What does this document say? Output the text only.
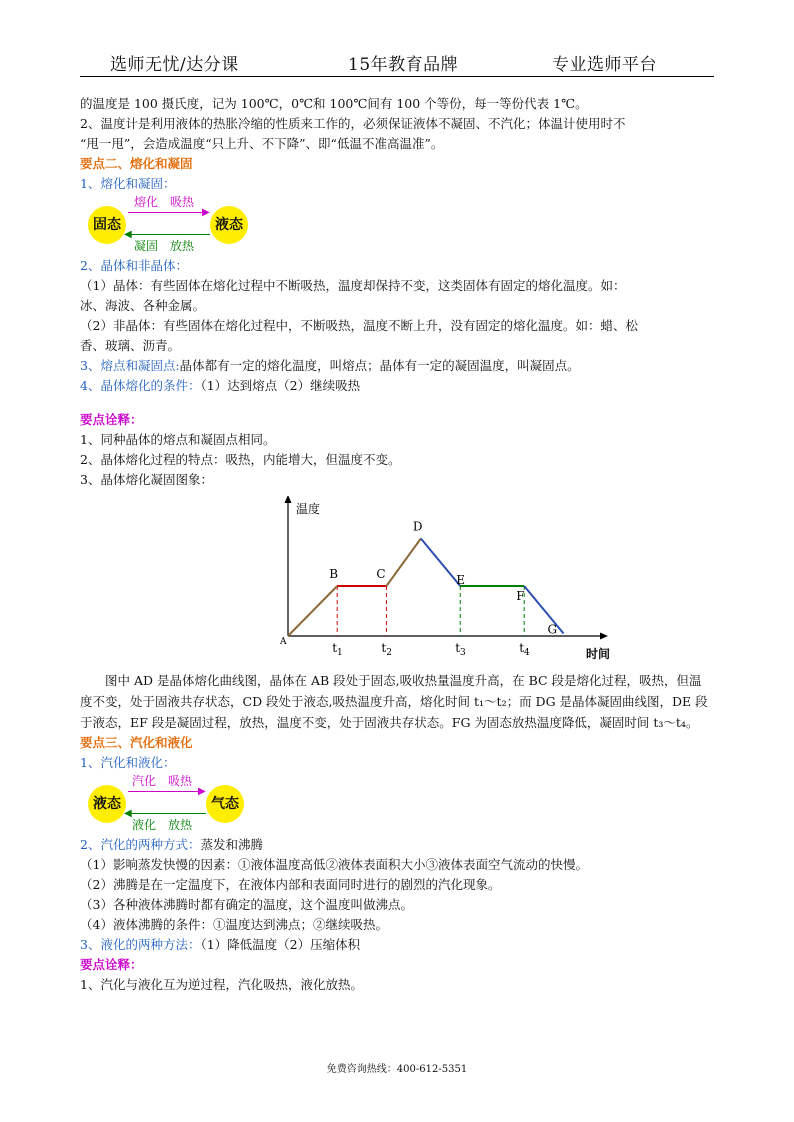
选师无忧/达分课	15年教育品牌	专业选师平台
的温度是 100 摄氏度，记为 100℃，0℃和 100℃间有 100 个等份，每一等份代表 1℃。
2、温度计是利用液体的热胀冷缩的性质来工作的，必须保证液体不凝固、不汽化；体温计使用时不
“甩一甩”，会造成温度“只上升、不下降”、即“低温不准高温准”。
要点二、熔化和凝固
1、熔化和凝固：
固态	液态
熔化　吸热
▶
◀
凝固　放热
2、晶体和非晶体：
（1）晶体：有些固体在熔化过程中不断吸热，温度却保持不变，这类固体有固定的熔化温度。如：
冰、海波、各种金属。
（2）非晶体：有些固体在熔化过程中，不断吸热，温度不断上升，没有固定的熔化温度。如：蜡、松
香、玻璃、沥青。
3、熔点和凝固点:晶体都有一定的熔化温度，叫熔点；晶体有一定的凝固温度，叫凝固点。
4、晶体熔化的条件：（1）达到熔点（2）继续吸热
要点诠释：
1、同种晶体的熔点和凝固点相同。
2、晶体熔化过程的特点：吸热，内能增大，但温度不变。
3、晶体熔化凝固图象：
温度
时间
$t_1$	$t_2$	$t_3$	$t_4$
A
B	C
D
E
F
G
图中 AD 是晶体熔化曲线图，晶体在 AB 段处于固态,吸收热量温度升高，在 BC 段是熔化过程，吸热，但温度不变，处于固液共存状态，CD 段处于液态,吸热温度升高，熔化时间 t₁～t₂；而 DG 是晶体凝固曲线图，DE 段于液态，EF 段是凝固过程，放热，温度不变，处于固液共存状态。FG 为固态放热温度降低，凝固时间 t₃～t₄。
要点三、汽化和液化
1、汽化和液化：
液态	气态
汽化　吸热
▶
◀
液化　放热
2、汽化的两种方式：蒸发和沸腾
（1）影响蒸发快慢的因素：①液体温度高低②液体表面积大小③液体表面空气流动的快慢。
（2）沸腾是在一定温度下，在液体内部和表面同时进行的剧烈的汽化现象。
（3）各种液体沸腾时都有确定的温度，这个温度叫做沸点。
（4）液体沸腾的条件：①温度达到沸点；②继续吸热。
3、液化的两种方法：（1）降低温度（2）压缩体积
要点诠释：
1、汽化与液化互为逆过程，汽化吸热，液化放热。
免费咨询热线：400-612-5351
